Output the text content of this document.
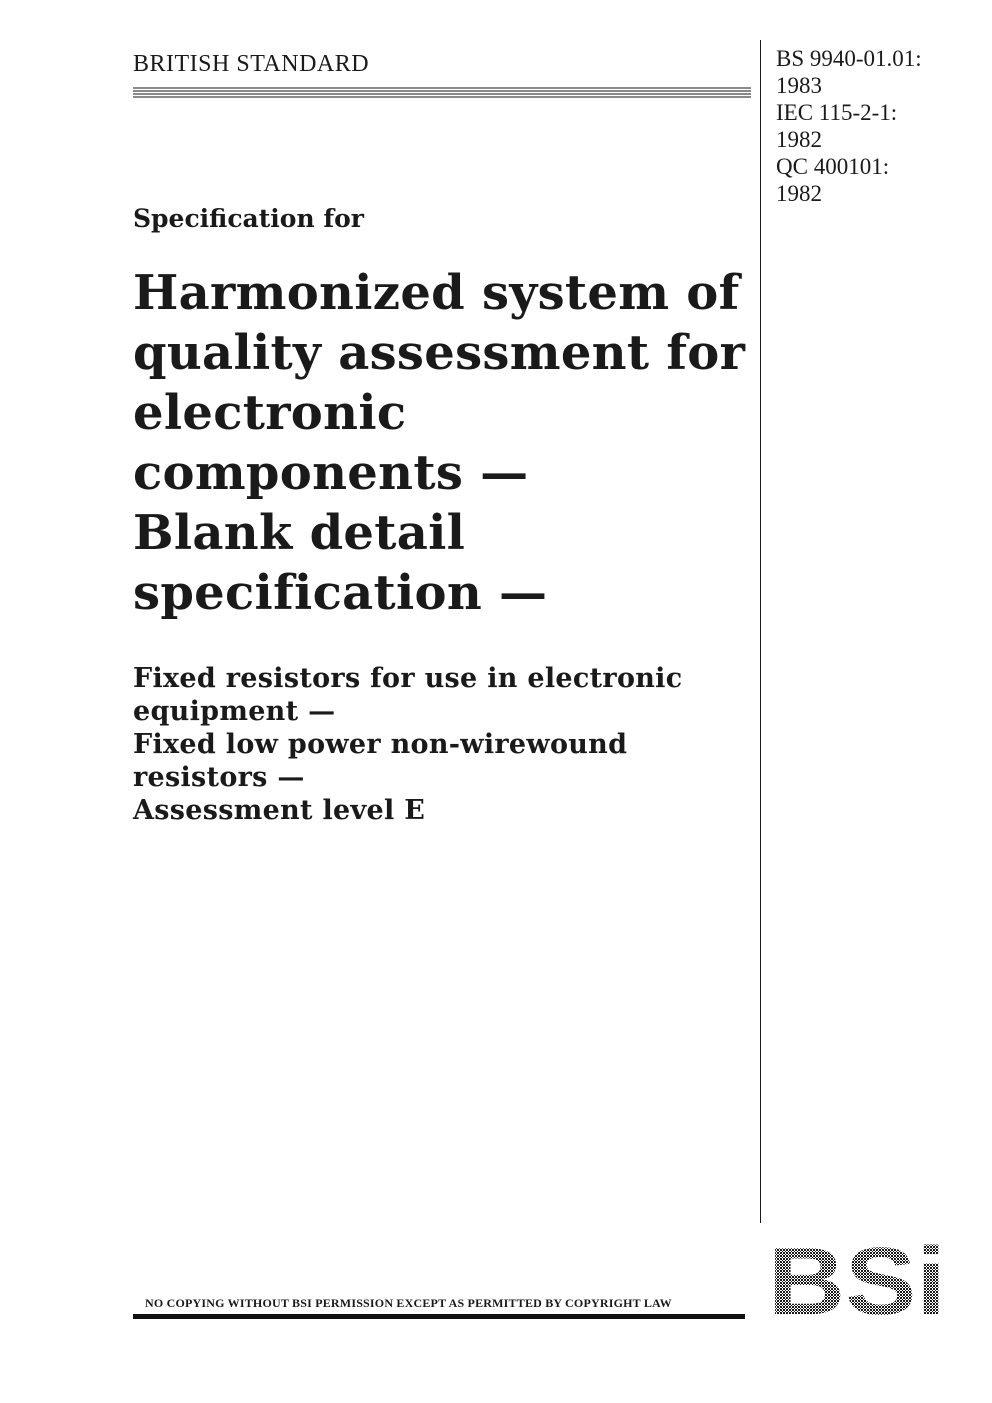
BRITISH STANDARD	BS 9940-01.01:
1983
IEC 115-2-1:
1982
QC 400101:
1982
Specification for
Harmonized system of
quality assessment for
electronic
components —
Blank detail
specification —
Fixed resistors for use in electronic
equipment —
Fixed low power non-wirewound
resistors —
Assessment level E
BSi
NO COPYING WITHOUT BSI PERMISSION EXCEPT AS PERMITTED BY COPYRIGHT LAW
